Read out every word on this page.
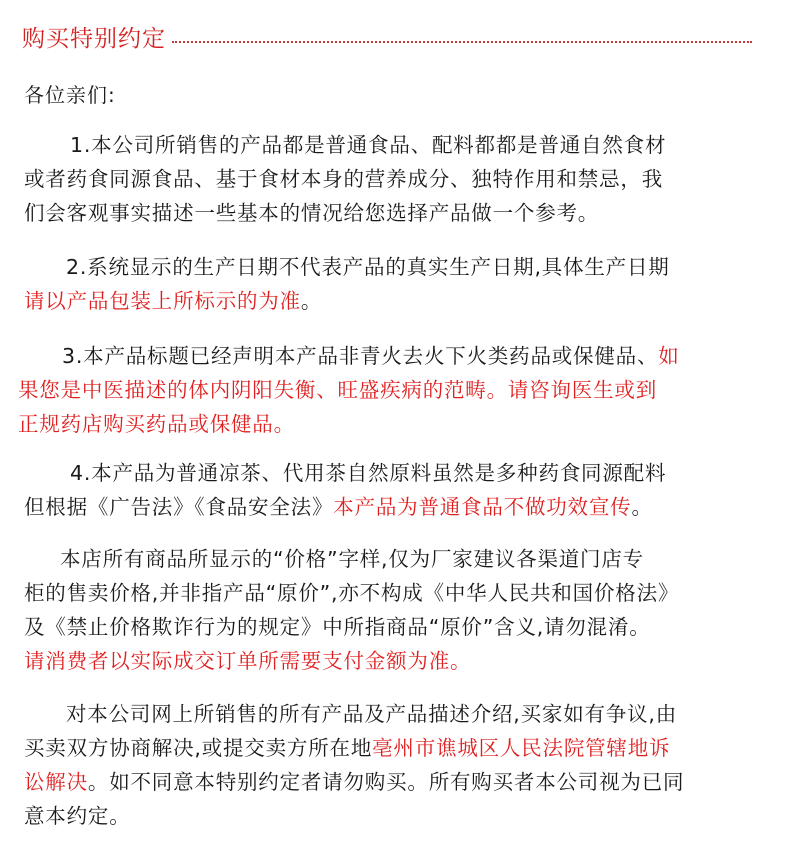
购买特别约定
各位亲们:

1.本公司所销售的产品都是普通食品、配料都都是普通自然食材

或者药食同源食品、基于食材本身的营养成分、独特作用和禁忌，我

们会客观事实描述一些基本的情况给您选择产品做一个参考。

2.系统显示的生产日期不代表产品的真实生产日期,具体生产日期

请以产品包装上所标示的为准。

3.本产品标题已经声明本产品非青火去火下火类药品或保健品、如

果您是中医描述的体内阴阳失衡、旺盛疾病的范畴。请咨询医生或到

正规药店购买药品或保健品。

4.本产品为普通凉茶、代用茶自然原料虽然是多种药食同源配料

但根据《广告法》《食品安全法》本产品为普通食品不做功效宣传。

本店所有商品所显示的“价格”字样,仅为厂家建议各渠道门店专

柜的售卖价格,并非指产品“原价”,亦不构成《中华人民共和国价格法》

及《禁止价格欺诈行为的规定》中所指商品“原价”含义,请勿混淆。

请消费者以实际成交订单所需要支付金额为准。

对本公司网上所销售的所有产品及产品描述介绍,买家如有争议,由

买卖双方协商解决,或提交卖方所在地亳州市谯城区人民法院管辖地诉

讼解决。如不同意本特别约定者请勿购买。所有购买者本公司视为已同

意本约定。
